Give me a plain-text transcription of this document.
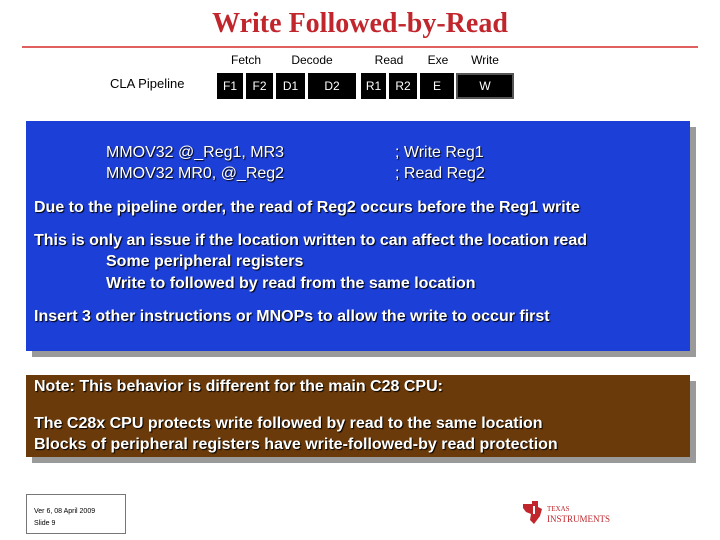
Write Followed-by-Read
Fetch	Decode	Read	Exe	Write
CLA Pipeline	F1	F2	D1	D2	R1	R2	E	W
MMOV32 @_Reg1, MR3	; Write Reg1
MMOV32 MR0, @_Reg2	; Read Reg2
Due to the pipeline order, the read of Reg2 occurs before the Reg1 write
This is only an issue if the location written to can affect the location read
Some peripheral registers
Write to followed by read from the same location
Insert 3 other instructions or MNOPs to allow the write to occur first
Note: This behavior is different for the main C28 CPU:
The C28x CPU protects write followed by read to the same location
Blocks of peripheral registers have write-followed-by read protection
Ver 6, 08 April 2009
Slide 9
TEXAS
INSTRUMENTS
